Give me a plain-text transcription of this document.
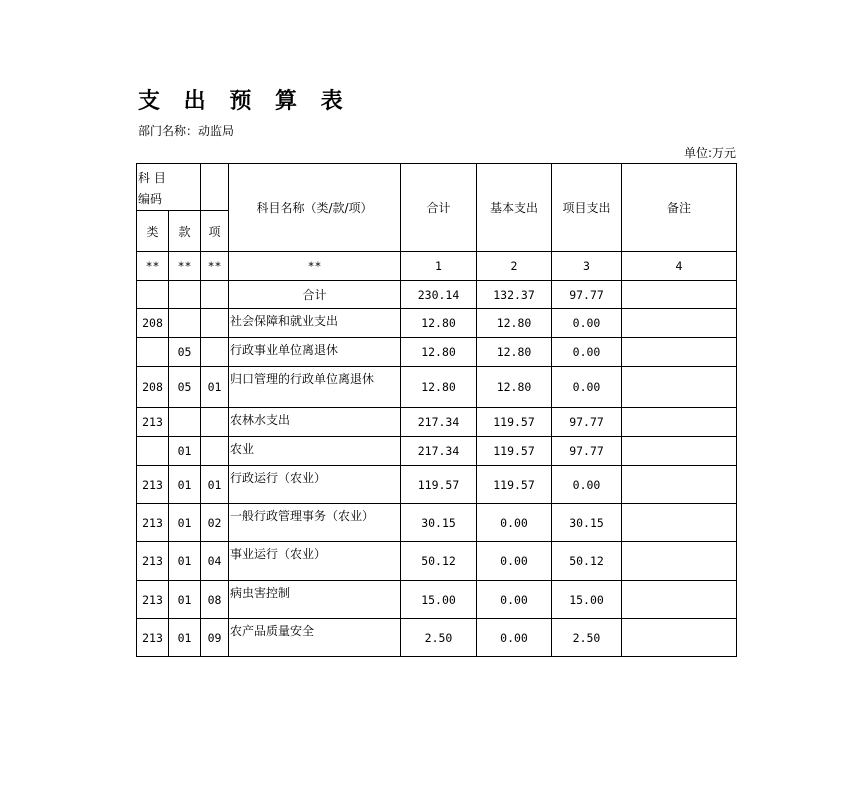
支 出 预 算 表
部门名称：动监局
单位:万元
科 目
编码			科目名称（类/款/项）	合计	基本支出	项目支出	备注
类	款	项					
**	**	**	**	1	2	3	4
			合计	230.14	132.37	97.77	
208			社会保障和就业支出	12.80	12.80	0.00	
	05		行政事业单位离退休	12.80	12.80	0.00	
208	05	01	归口管理的行政单位离退休	12.80	12.80	0.00	
213			农林水支出	217.34	119.57	97.77	
	01		农业	217.34	119.57	97.77	
213	01	01	行政运行（农业）	119.57	119.57	0.00	
213	01	02	一般行政管理事务（农业）	30.15	0.00	30.15	
213	01	04	事业运行（农业）	50.12	0.00	50.12	
213	01	08	病虫害控制	15.00	0.00	15.00	
213	01	09	农产品质量安全	2.50	0.00	2.50	
